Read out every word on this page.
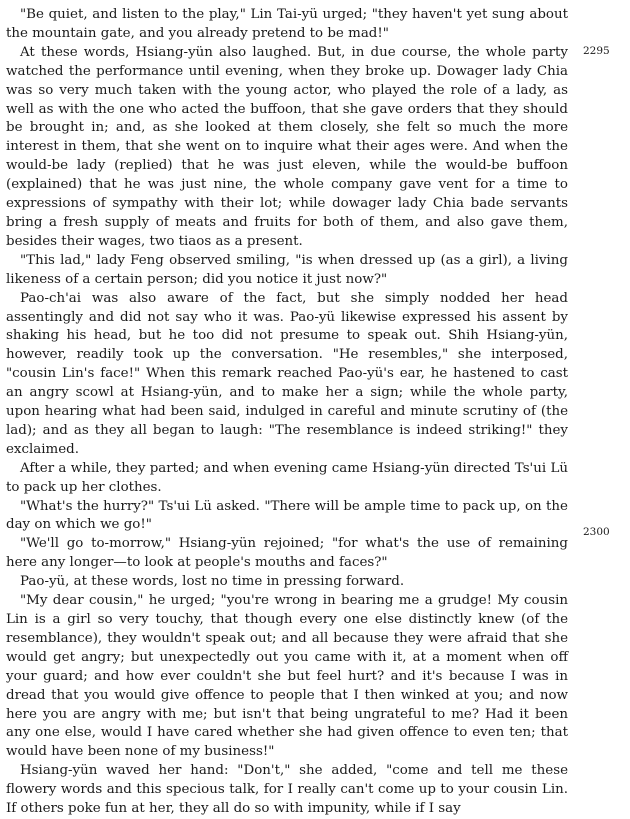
"Be quiet, and listen to the play," Lin Tai-yü urged; "they haven't yet sung about the mountain gate, and you already pretend to be mad!"

At these words, Hsiang-yün also laughed. But, in due course, the whole party watched the performance until evening, when they broke up. Dowager lady Chia was so very much taken with the young actor, who played the role of a lady, as well as with the one who acted the buffoon, that she gave orders that they should be brought in; and, as she looked at them closely, she felt so much the more interest in them, that she went on to inquire what their ages were. And when the would-be lady (replied) that he was just eleven, while the would-be buffoon (explained) that he was just nine, the whole company gave vent for a time to expressions of sympathy with their lot; while dowager lady Chia bade servants bring a fresh supply of meats and fruits for both of them, and also gave them, besides their wages, two tiaos as a present.

"This lad," lady Feng observed smiling, "is when dressed up (as a girl), a living likeness of a certain person; did you notice it just now?"

Pao-ch'ai was also aware of the fact, but she simply nodded her head assentingly and did not say who it was. Pao-yü likewise expressed his assent by shaking his head, but he too did not presume to speak out. Shih Hsiang-yün, however, readily took up the conversation. "He resembles," she interposed, "cousin Lin's face!" When this remark reached Pao-yü's ear, he hastened to cast an angry scowl at Hsiang-yün, and to make her a sign; while the whole party, upon hearing what had been said, indulged in careful and minute scrutiny of (the lad); and as they all began to laugh: "The resemblance is indeed striking!" they exclaimed.

After a while, they parted; and when evening came Hsiang-yün directed Ts'ui Lü to pack up her clothes.

"What's the hurry?" Ts'ui Lü asked. "There will be ample time to pack up, on the day on which we go!"

"We'll go to-morrow," Hsiang-yün rejoined; "for what's the use of remaining here any longer—to look at people's mouths and faces?"

Pao-yü, at these words, lost no time in pressing forward.

"My dear cousin," he urged; "you're wrong in bearing me a grudge! My cousin Lin is a girl so very touchy, that though every one else distinctly knew (of the resemblance), they wouldn't speak out; and all because they were afraid that she would get angry; but unexpectedly out you came with it, at a moment when off your guard; and how ever couldn't she but feel hurt? and it's because I was in dread that you would give offence to people that I then winked at you; and now here you are angry with me; but isn't that being ungrateful to me? Had it been any one else, would I have cared whether she had given offence to even ten; that would have been none of my business!"

Hsiang-yün waved her hand: "Don't," she added, "come and tell me these flowery words and this specious talk, for I really can't come up to your cousin Lin. If others poke fun at her, they all do so with impunity, while if I say

2295
2300
